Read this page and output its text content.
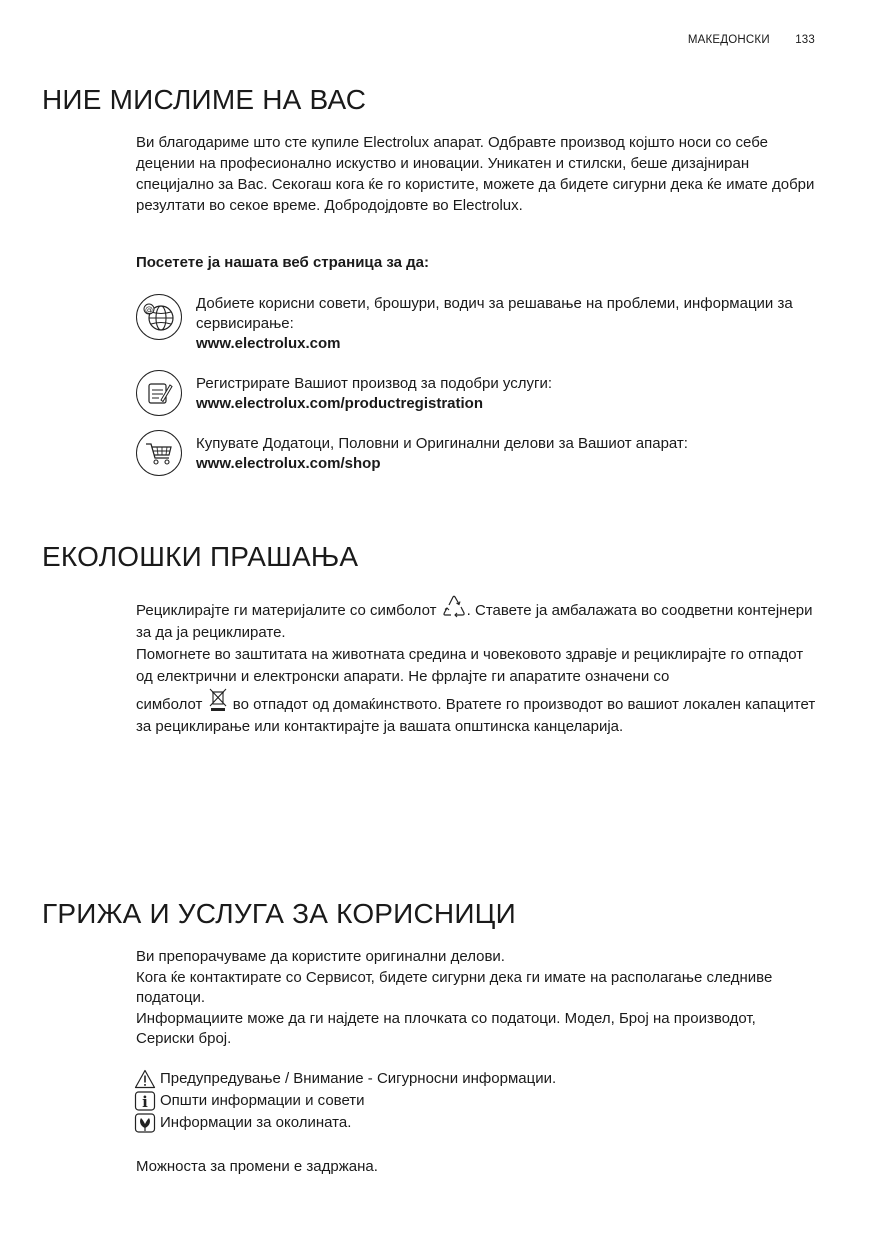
МАКЕДОНСКИ 133
НИЕ МИСЛИМЕ НА ВАС

Ви благодариме што сте купиле Electrolux апарат. Одбравте производ којшто носи со себе децении на професионално искуство и иновации. Уникатен и стилски, беше дизајниран специјално за Вас. Секогаш кога ќе го користите, можете да бидете сигурни дека ќе имате добри резултати во секое време. Добродојдовте во Electrolux.

Посетете ја нашата веб страница за да:
@	Добиете корисни совети, брошури, водич за решавање на проблеми, информации за сервисирање:
www.electrolux.com
Регистрирате Вашиот производ за подобри услуги:
www.electrolux.com/productregistration
Купувате Додатоци, Половни и Оригинални делови за Вашиот апарат:
www.electrolux.com/shop
ЕКОЛОШКИ ПРАШАЊА

Рециклирајте ги материјалите со симболот . Ставете ја амбалажата во соодветни контејнери за да ја рециклирате.

Помогнете во заштитата на животната средина и човековото здравје и рециклирајте го отпадот од електрични и електронски апарати. Не фрлајте ги апаратите означени со

симболот во отпадот од домаќинството. Вратете го производот во вашиот локален капацитет за рециклирање или контактирајте ја вашата општинска канцеларија.

ГРИЖА И УСЛУГА ЗА КОРИСНИЦИ

Ви препорачуваме да користите оригинални делови.

Кога ќе контактирате со Сервисот, бидете сигурни дека ги имате на располагање следниве податоци.

Информациите може да ги најдете на плочката со податоци. Модел, Број на производот, Сериски број.

Предупредување / Внимание - Сигурносни информации.
i Општи информации и совети
Информации за околината.
Можноста за промени е задржана.
